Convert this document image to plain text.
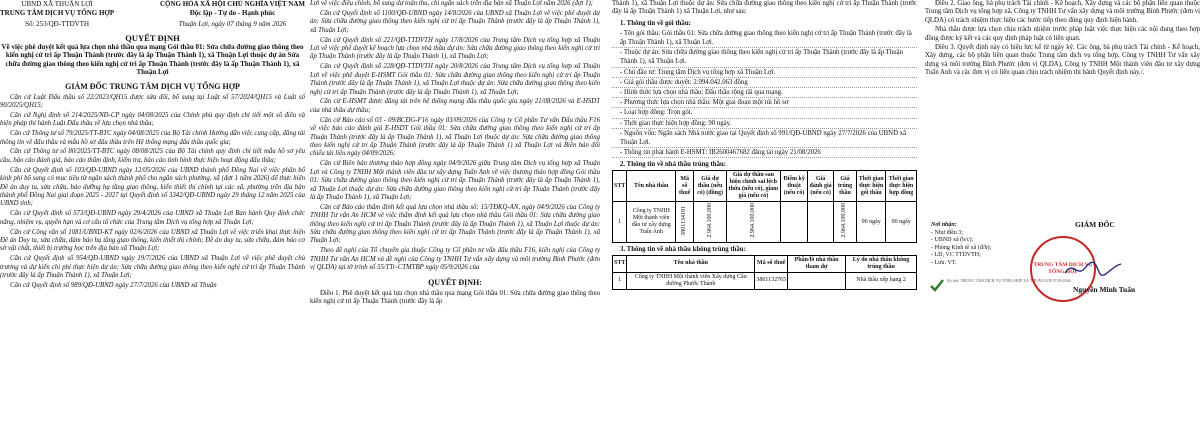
UBND XÃ THUẬN LỢI
TRUNG TÂM DỊCH VỤ TỔNG HỢP
Số: 253/QĐ-TTDVTH
CỘNG HÒA XÃ HỘI CHỦ NGHĨA VIỆT NAM
Độc lập - Tự do - Hạnh phúc
Thuận Lợi, ngày 07 tháng 9 năm 2026
QUYẾT ĐỊNH
Về việc phê duyệt kết quả lựa chọn nhà thầu qua mạng Gói thầu 01: Sửa chữa đường giao thông theo kiến nghị cử tri ấp Thuận Thành (trước đây là ấp Thuận Thành 1), xã Thuận Lợi thuộc dự án Sửa chữa đường giao thông theo kiến nghị cử tri ấp Thuận Thành (trước đây là ấp Thuận Thành 1), xã Thuận Lợi
GIÁM ĐỐC TRUNG TÂM DỊCH VỤ TỔNG HỢP

Căn cứ Luật Đấu thầu số 22/2023/QH15 được sửa đổi, bổ sung tại Luật số 57/2024/QH15 và Luật số 90/2025/QH15;

Căn cứ Nghị định số 214/2025/NĐ-CP ngày 04/08/2025 của Chính phủ quy định chi tiết một số điều và biện pháp thi hành Luật Đấu thầu về lựa chọn nhà thầu;

Căn cứ Thông tư số 79/2025/TT-BTC ngày 04/08/2025 của Bộ Tài chính Hướng dẫn việc cung cấp, đăng tải thông tin về đấu thầu và mẫu hồ sơ đấu thầu trên Hệ thống mạng đấu thầu quốc gia;

Căn cứ Thông tư số 80/2025/TT-BTC ngày 08/08/2025 của Bộ Tài chính quy định chi tiết mẫu hồ sơ yêu cầu, báo cáo đánh giá, báo cáo thẩm định, kiểm tra, báo cáo tình hình thực hiện hoạt động đấu thầu;

Căn cứ Quyết định số 103/QĐ-UBND ngày 12/05/2026 của UBND thành phố Đồng Nai về việc phân bổ kinh phí bổ sung có mục tiêu từ ngân sách thành phố cho ngân sách phường, xã (đợt 1 năm 2026) để thực hiện Đề án duy tu, sửa chữa, bảo dưỡng hạ tầng giao thông, kiến thiết thị chính tại các xã, phường trên địa bàn thành phố Đồng Nai giai đoạn 2025 - 2027 tại Quyết định số 3342/QĐ-UBND ngày 29 tháng 12 năm 2025 của UBND tỉnh;

Căn cứ Quyết định số 573/QĐ-UBND ngày 29/4/2026 của UBND xã Thuận Lợi Ban hành Quy định chức năng, nhiệm vụ, quyền hạn và cơ cấu tổ chức của Trung tâm Dịch vụ tổng hợp xã Thuận Lợi;

Căn cứ Công văn số 1081/UBND-KT ngày 02/6/2026 của UBND xã Thuận Lợi về việc triển khai thực hiện Đề án Duy tu, sửa chữa, đảm bảo hạ tầng giao thông, kiến thiết thị chính; Đề án duy tu, sửa chữa, đảm bảo cơ sở vật chất, thiết bị trường học trên địa bàn xã Thuận Lợi;

Căn cứ Quyết định số 954/QĐ-UBND ngày 19/7/2026 của UBND xã Thuận Lợi về việc phê duyệt chủ trương và dự kiến chi phí thực hiện dự án: Sửa chữa đường giao thông theo kiến nghị cử tri ấp Thuận Thành (trước đây là ấp Thuận Thành 1), xã Thuận Lợi;

Căn cứ Quyết định số 989/QĐ-UBND ngày 27/7/2026 của UBND xã Thuận

Lợi về việc điều chỉnh, bổ sung dự toán thu, chi ngân sách trên địa bàn xã Thuận Lợi năm 2026 (đợt 1);

Căn cứ Quyết định số 1100/QĐ-UBND ngày 14/8/2026 của UBND xã Thuận Lợi về việc phê duyệt dự án: Sửa chữa đường giao thông theo kiến nghị cử tri ấp Thuận Thành (trước đây là ấp Thuận Thành 1), xã Thuận Lợi;

Căn cứ Quyết định số 221/QĐ-TTDVTH ngày 17/8/2026 của Trung tâm Dịch vụ tổng hợp xã Thuận Lợi về việc phê duyệt kế hoạch lựa chọn nhà thầu dự án: Sửa chữa đường giao thông theo kiến nghị cử tri ấp Thuận Thành (trước đây là ấp Thuận Thành 1), xã Thuận Lợi;

Căn cứ Quyết định số 228/QĐ-TTDVTH ngày 20/8/2026 của Trung tâm Dịch vụ tổng hợp xã Thuận Lợi về việc phê duyệt E-HSMT Gói thầu 01: Sửa chữa đường giao thông theo kiến nghị cử tri ấp Thuận Thành (trước đây là ấp Thuận Thành 1), xã Thuận Lợi thuộc dự án: Sửa chữa đường giao thông theo kiến nghị cử tri ấp Thuận Thành (trước đây là ấp Thuận Thành 1), xã Thuận Lợi;

Căn cứ E-HSMT được đăng tải trên hệ thống mạng đấu thầu quốc gia ngày 21/08/2026 và E-HSDT của nhà thầu dự thầu;

Căn cứ Báo cáo số 03 - 09/BCĐG-F16 ngày 03/09/2026 của Công ty Cổ phần Tư vấn Đấu thầu F16 về việc báo cáo đánh giá E-HSDT Gói thầu 01: Sửa chữa đường giao thông theo kiến nghị cử tri ấp Thuận Thành (trước đây là ấp Thuận Thành 1), xã Thuận Lợi thuộc dự án: Sửa chữa đường giao thông theo kiến nghị cử tri ấp Thuận Thành (trước đây là ấp Thuận Thành 1) xã Thuận Lợi và Biên bản đối chiếu tài liệu ngày 04/09/2026;

Căn cứ Biên bản thương thảo hợp đồng ngày 04/9/2026 giữa Trung tâm Dịch vụ tổng hợp xã Thuận Lợi và Công ty TNHH Một thành viên đầu tư xây dựng Tuấn Anh về việc thương thảo hợp đồng Gói thầu 01: Sửa chữa đường giao thông theo kiến nghị cử tri ấp Thuận Thành (trước đây là ấp Thuận Thành 1), xã Thuận Lợi thuộc dự án: Sửa chữa đường giao thông theo kiến nghị cử tri ấp Thuận Thành (trước đây là ấp Thuận Thành 1), xã Thuận Lợi;

Căn cứ Báo cáo thẩm định kết quả lựa chọn nhà thầu số: 15/TĐKQ-AN, ngày 04/9/2026 của Công ty TNHH Tư vấn An HCM về việc thẩm định kết quả lựa chọn nhà thầu Gói thầu 01: Sửa chữa đường giao thông theo kiến nghị cử tri ấp Thuận Thành (trước đây là ấp Thuận Thành 1), xã Thuận Lợi thuộc dự án: Sửa chữa đường giao thông theo kiến nghị cử tri ấp Thuận Thành (trước đây là ấp Thuận Thành 1), xã Thuận Lợi;

Theo đề nghị của Tổ chuyên gia thuộc Công ty Cổ phần tư vấn đấu thầu F16, kiến nghị của Công ty TNHH Tư vấn An HCM và đề nghị của Công ty TNHH Tư vấn xây dựng và môi trường Bình Phước (đơn vị QLDA) tại tờ trình số 55/TTr-CTMTBP ngày 05/9/2026 của

QUYẾT ĐỊNH:

Điều 1. Phê duyệt kết quả lựa chọn nhà thầu qua mạng Gói thầu 01: Sửa chữa đường giao thông theo kiến nghị cử tri ấp Thuận Thành (trước đây là ấp

Thành 1), xã Thuận Lợi thuộc dự án: Sửa chữa đường giao thông theo kiến nghị cử tri ấp Thuận Thành (trước đây là ấp Thuận Thành 1) xã Thuận Lợi, như sau:

1. Thông tin về gói thầu:
- Tên gói thầu: Gói thầu 01: Sửa chữa đường giao thông theo kiến nghị cử tri ấp Thuận Thành (trước đây là ấp Thuận Thành 1), xã Thuận Lợi.
- Thuộc dự án: Sửa chữa đường giao thông theo kiến nghị cử tri ấp Thuận Thành (trước đây là ấp Thuận Thành 1), xã Thuận Lợi.
- Chủ đầu tư: Trung tâm Dịch vụ tổng hợp xã Thuận Lợi.
- Giá gói thầu được duyệt: 2.994.042.063 đồng
- Hình thức lựa chọn nhà thầu: Đấu thầu rộng rãi qua mạng.
- Phương thức lựa chọn nhà thầu: Một giai đoạn một túi hồ sơ
- Loại hợp đồng: Trọn gói.
- Thời gian thực hiện hợp đồng: 90 ngày.
- Nguồn vốn: Ngân sách Nhà nước giao tại Quyết định số 991/QĐ-UBND ngày 27/7/2026 của UBND xã Thuận Lợi.
- Thông tin phát hành E-HSMT: IB2600467682 đăng tải ngày 21/08/2026
2. Thông tin về nhà thầu trúng thầu:
STT	Tên nhà thầu	Mã số thuế	Giá dự thầu (nếu có) (đồng)	Giá dự thầu sau hiệu chỉnh sai lệch thừa (nếu có), giảm giá (nếu có)	Điểm kỹ thuật (nếu có)	Giá đánh giá (nếu có)	Giá trúng thầu	Thời gian thực hiện gói thầu	Thời gian thực hiện hợp đồng
1	Công ty TNHH Một thành viên đầu tư xây dựng Tuấn Anh	3801134191	2.964.100.000	2.964.100.000			2.964.100.000	90 ngày	90 ngày
3. Thông tin về nhà thầu không trúng thầu:
STT	Tên nhà thầu	Mã số thuế	Phần/lô nhà thầu tham dự	Lý do nhà thầu không trúng thầu
1	Công ty TNHH Một thành viên Xây dựng Cầu đường Phước Thành	3801132765		Nhà thầu xếp hạng 2

Điều 2. Giao ông, bà phụ trách Tài chính - Kế hoạch, Xây dựng và các bộ phận liên quan thuộc Trung tâm Dịch vụ tổng hợp xã, Công ty TNHH Tư vấn xây dựng và môi trường Bình Phước (đơn vị QLDA) có trách nhiệm thực hiện các bước tiếp theo đúng quy định hiện hành.

Nhà thầu được lựa chọn chịu trách nhiệm trước pháp luật việc thực hiện các nội dung theo hợp đồng được ký kết và các quy định pháp luật có liên quan.

Điều 3. Quyết định này có hiệu lực kể từ ngày ký. Các ông, bà phụ trách Tài chính - Kế hoạch, Xây dựng, các bộ phận liên quan thuộc Trung tâm dịch vụ tổng hợp, Công ty TNHH Tư vấn xây dựng và môi trường Bình Phước (đơn vị QLDA), Công ty TNHH Một thành viên đầu tư xây dựng Tuấn Anh và các đơn vị có liên quan chịu trách nhiệm thi hành Quyết định này./.

Nơi nhận:
- Như điều 3;
- UBND xã (b/c);
- Phòng Kinh tế xã (đ/b);
- LĐ, VC TTDVTH;
- Lưu: VT.
Ký bởi: TRUNG TÂM DỊCH VỤ TỔNG HỢP XÃ THUẬN LỢI 07.09.2026
GIÁM ĐỐC
TRUNG TÂM DỊCH VỤ TỔNG HỢP
Nguyễn Minh Tuấn
